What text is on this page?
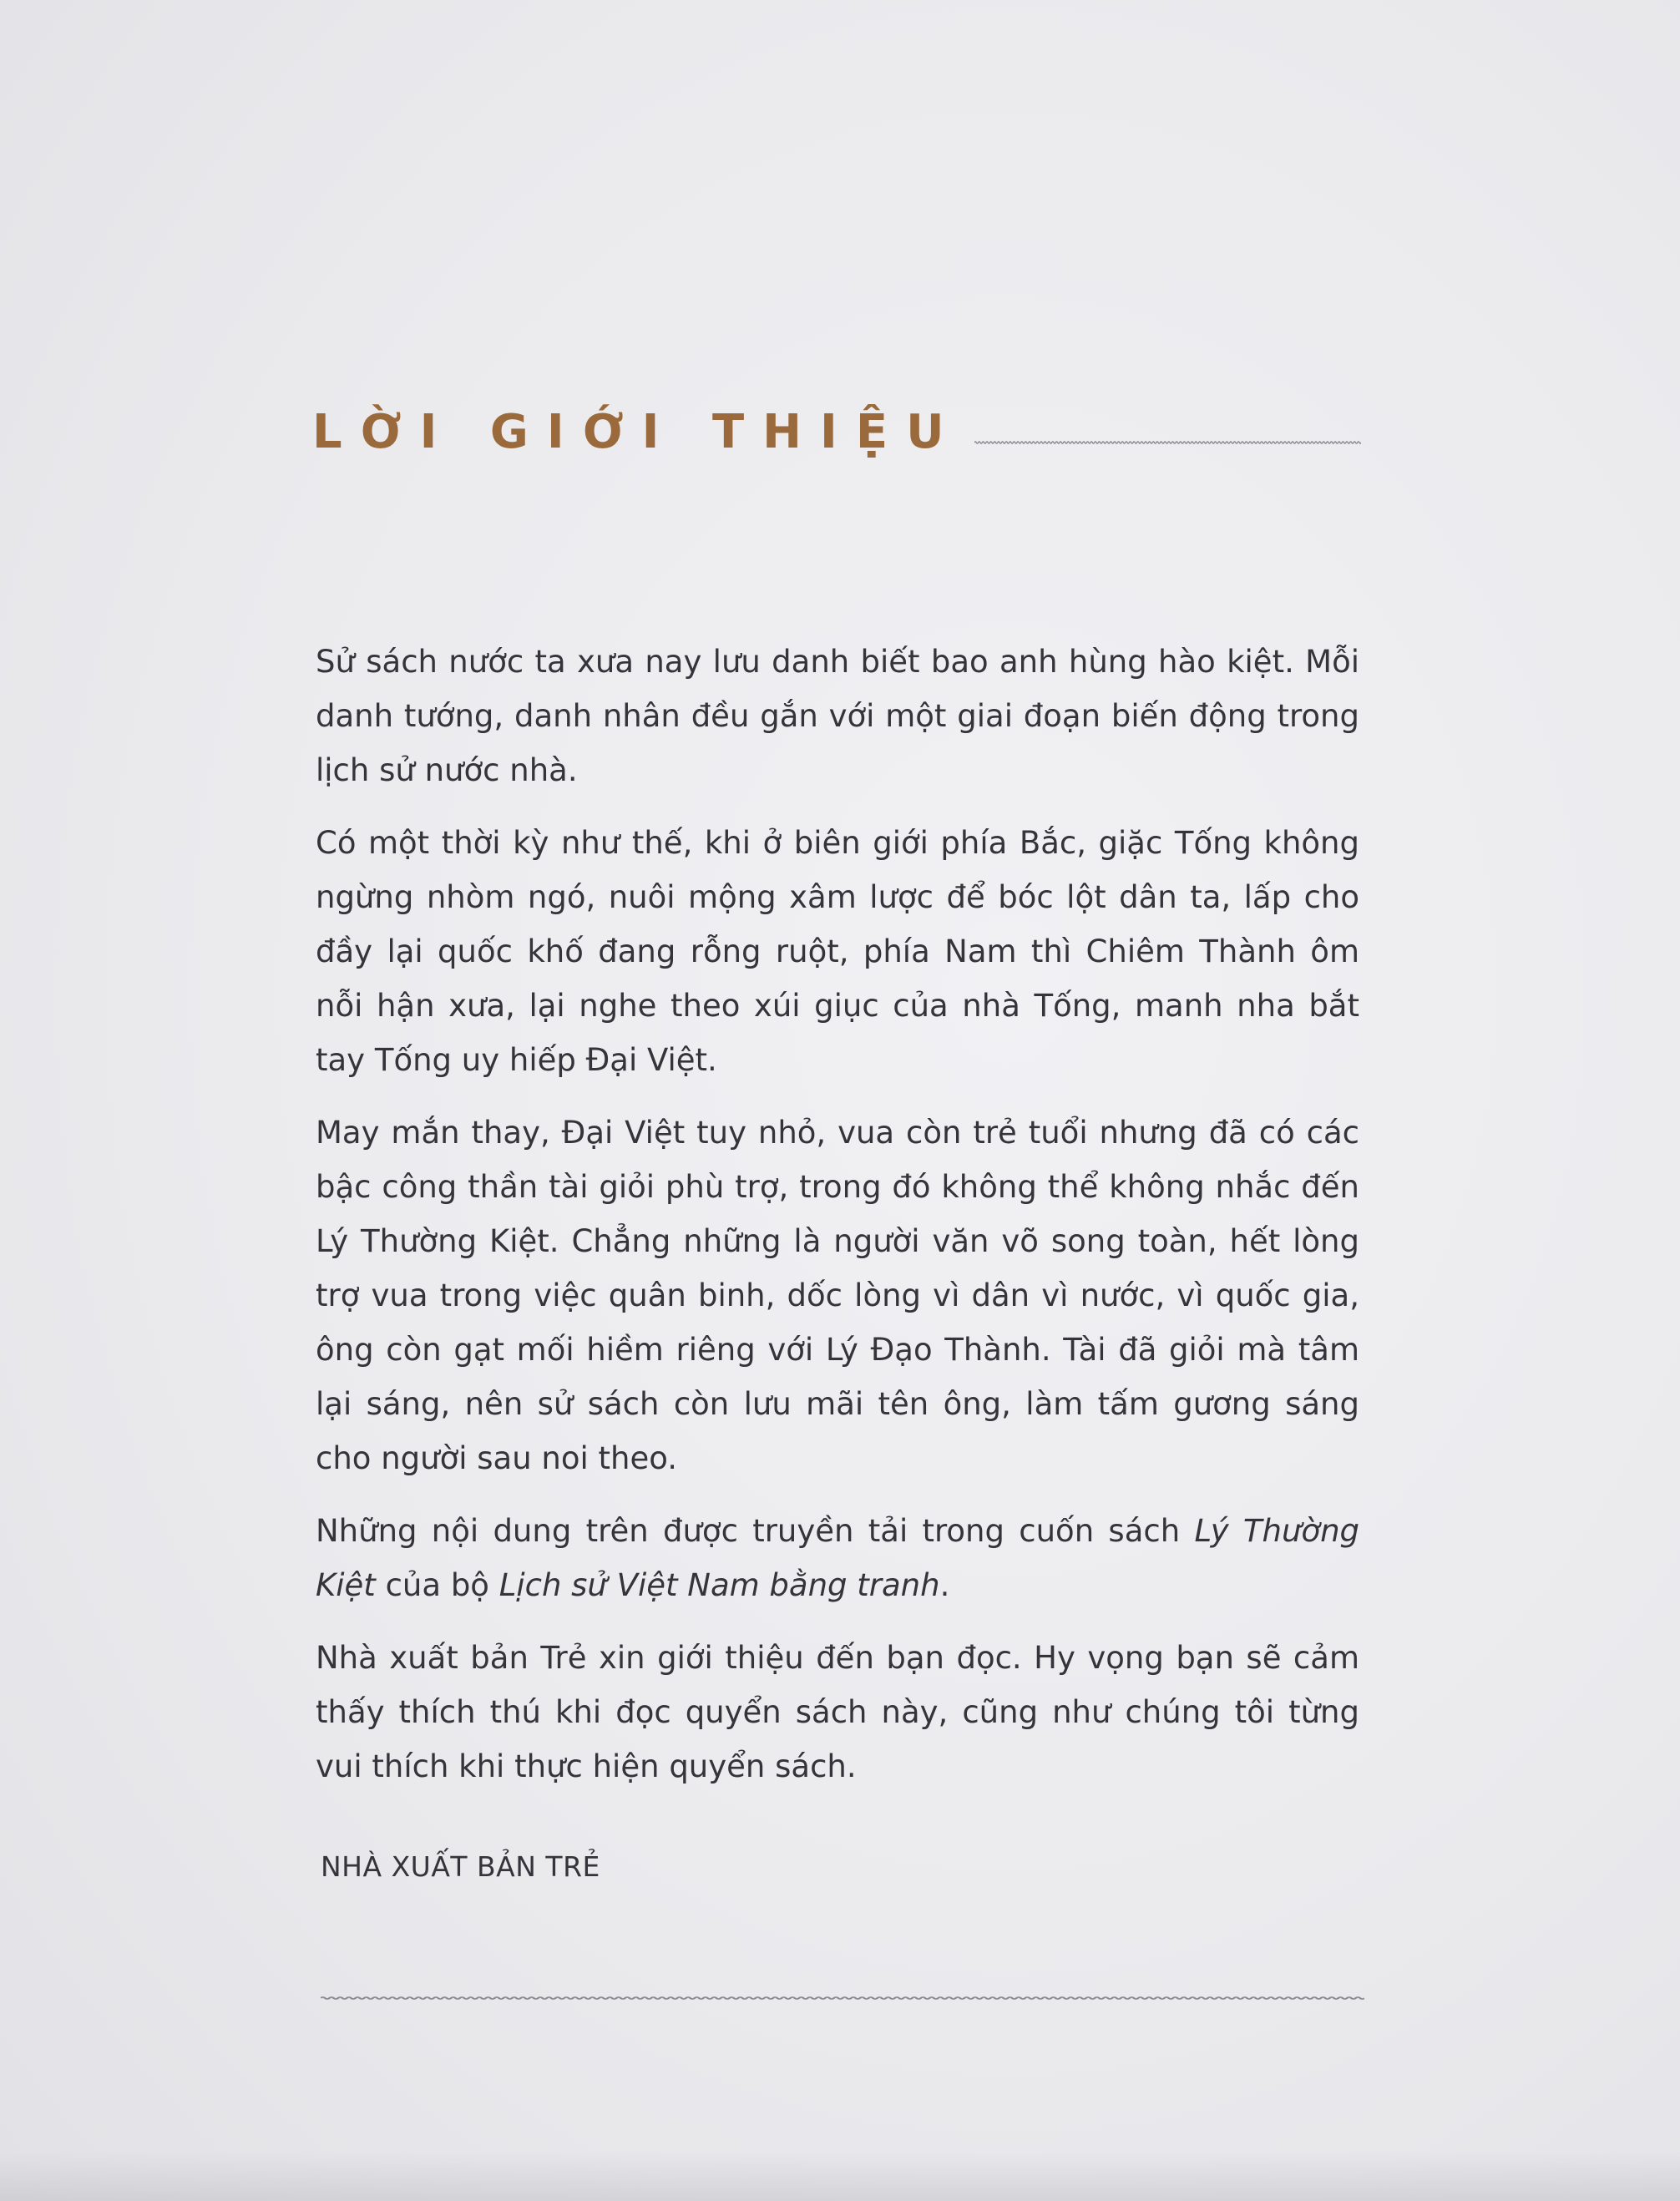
LỜI GIỚI THIỆU

Sử sách nước ta xưa nay lưu danh biết bao anh hùng hào kiệt. Mỗi danh tướng, danh nhân đều gắn với một giai đoạn biến động trong lịch sử nước nhà.

Có một thời kỳ như thế, khi ở biên giới phía Bắc, giặc Tống không ngừng nhòm ngó, nuôi mộng xâm lược để bóc lột dân ta, lấp cho đầy lại quốc khố đang rỗng ruột, phía Nam thì Chiêm Thành ôm nỗi hận xưa, lại nghe theo xúi giục của nhà Tống, manh nha bắt tay Tống uy hiếp Đại Việt.

May mắn thay, Đại Việt tuy nhỏ, vua còn trẻ tuổi nhưng đã có các bậc công thần tài giỏi phù trợ, trong đó không thể không nhắc đến Lý Thường Kiệt. Chẳng những là người văn võ song toàn, hết lòng trợ vua trong việc quân binh, dốc lòng vì dân vì nước, vì quốc gia, ông còn gạt mối hiềm riêng với Lý Đạo Thành. Tài đã giỏi mà tâm lại sáng, nên sử sách còn lưu mãi tên ông, làm tấm gương sáng cho người sau noi theo.

Những nội dung trên được truyền tải trong cuốn sách Lý Thường Kiệt của bộ Lịch sử Việt Nam bằng tranh.

Nhà xuất bản Trẻ xin giới thiệu đến bạn đọc. Hy vọng bạn sẽ cảm thấy thích thú khi đọc quyển sách này, cũng như chúng tôi từng vui thích khi thực hiện quyển sách.

NHÀ XUẤT BẢN TRẺ
